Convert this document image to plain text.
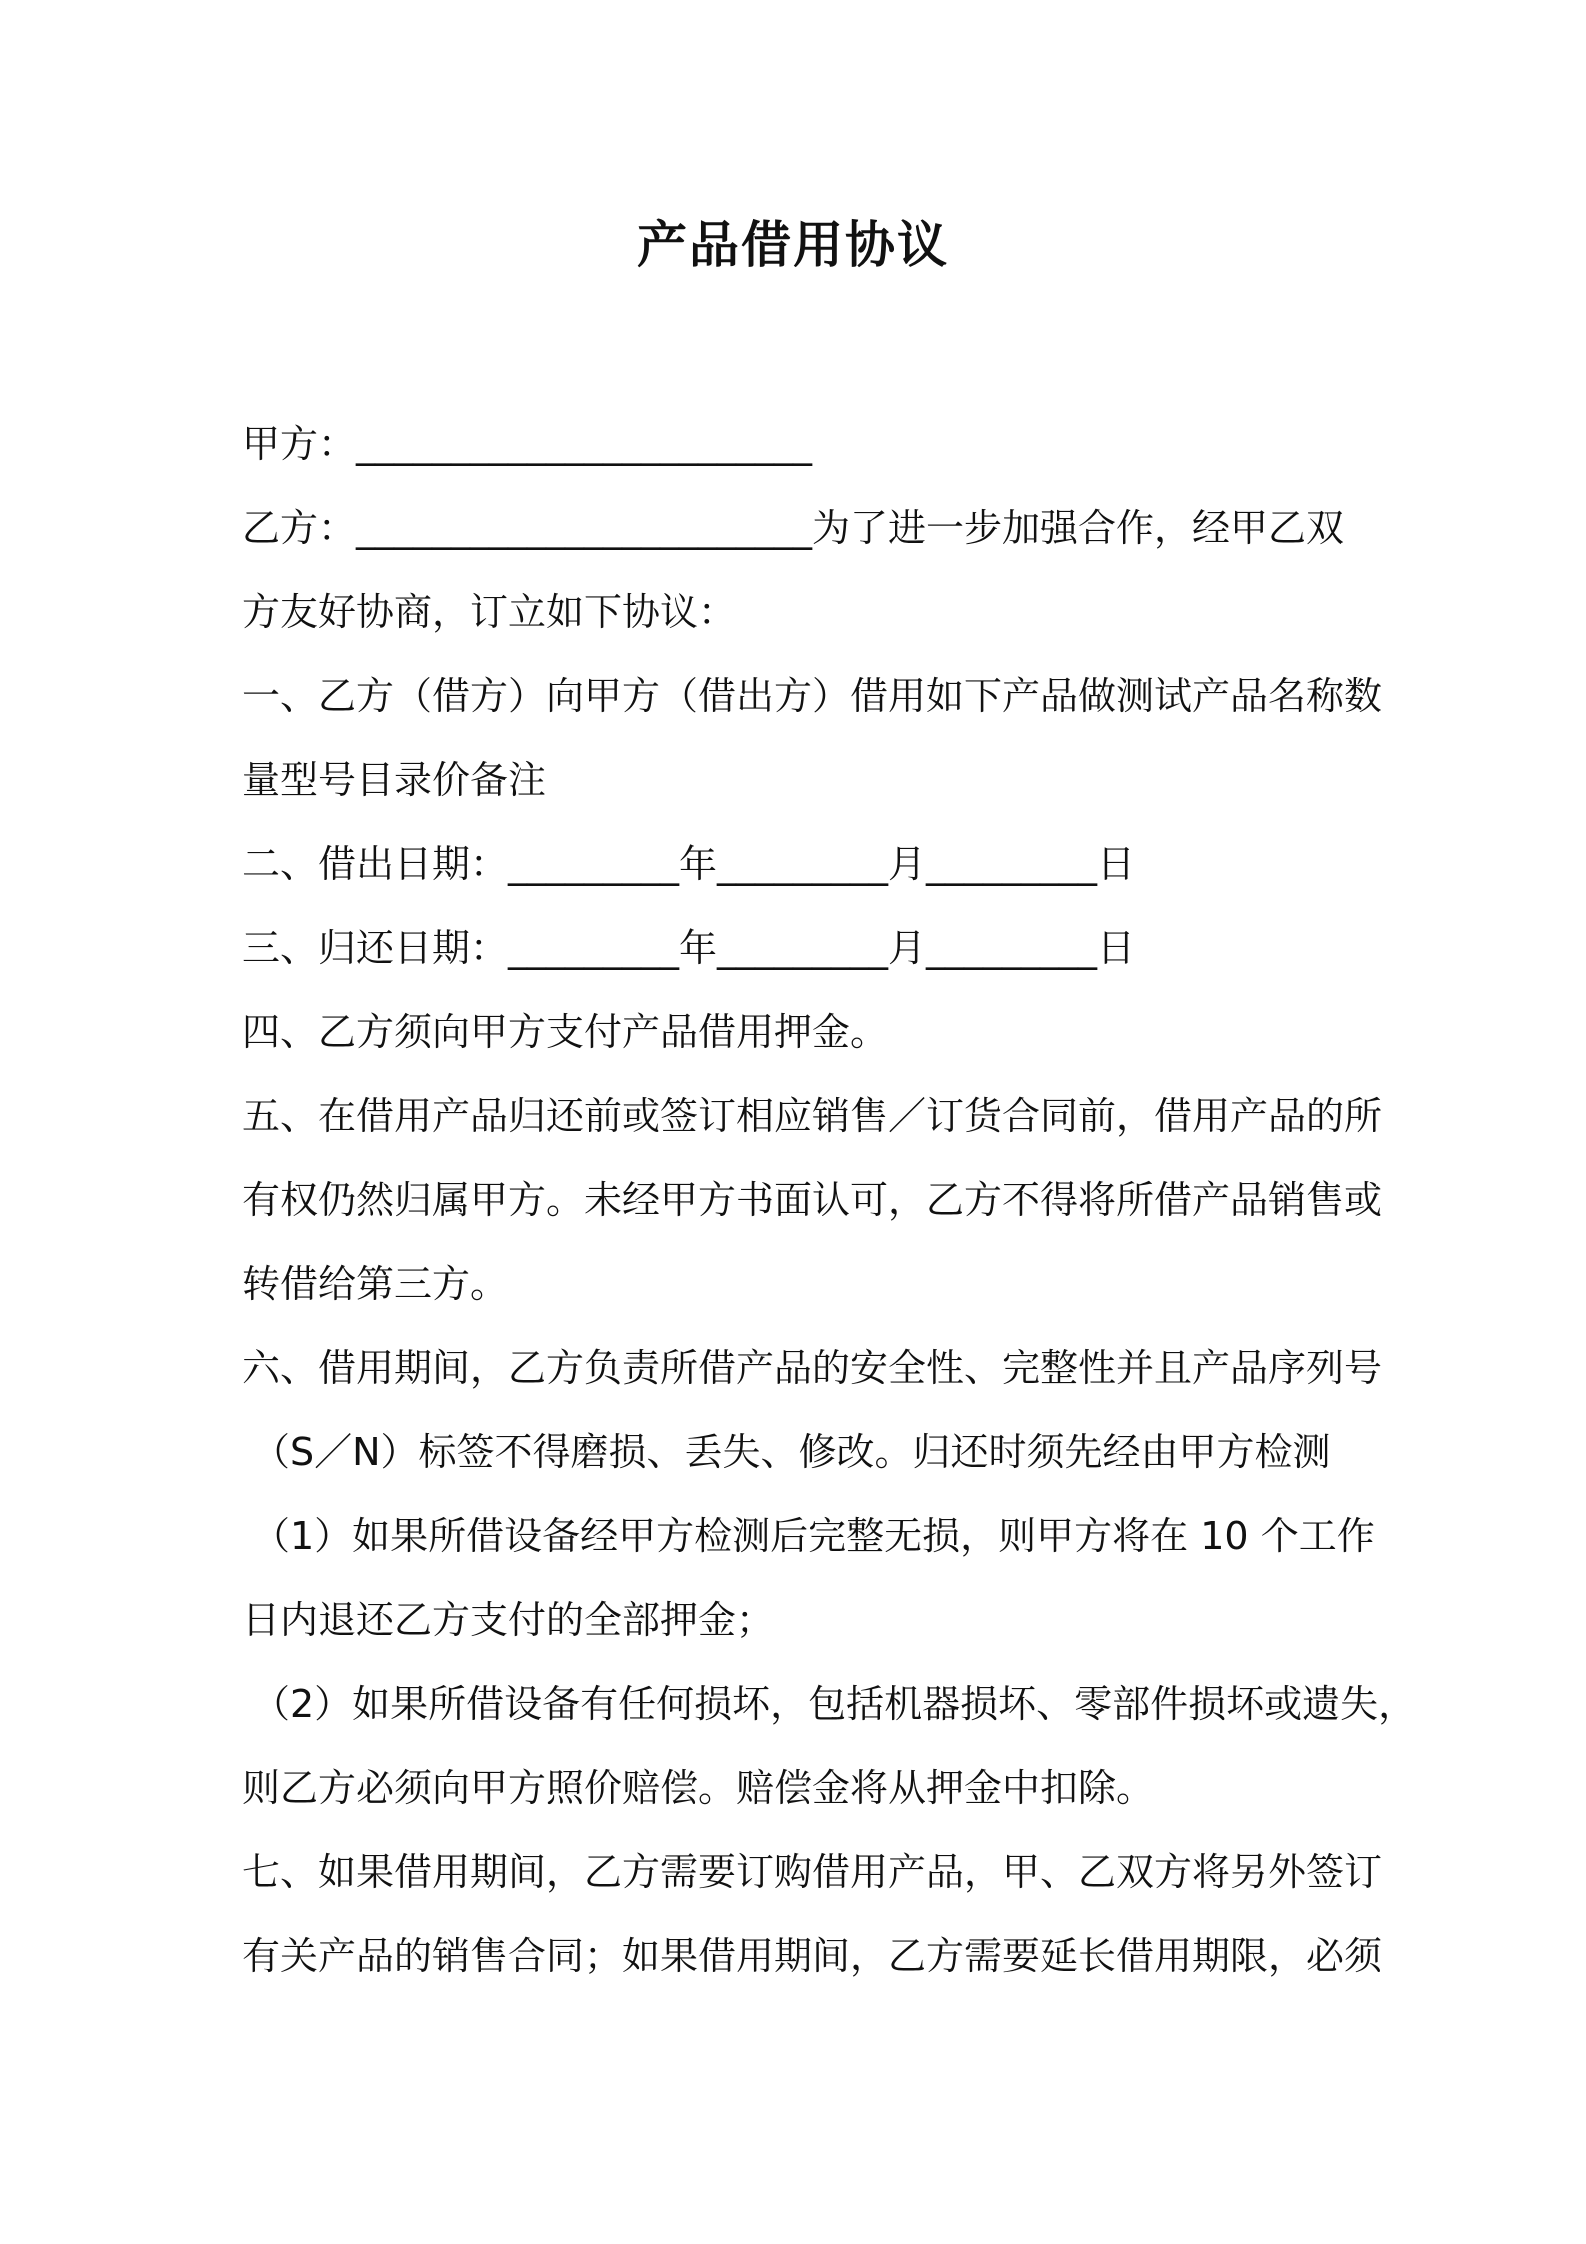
产品借用协议
甲方：________________________
乙方：________________________为了进一步加强合作，经甲乙双
方友好协商，订立如下协议：
一、乙方（借方）向甲方（借出方）借用如下产品做测试产品名称数
量型号目录价备注
二、借出日期：_________年_________月_________日
三、归还日期：_________年_________月_________日
四、乙方须向甲方支付产品借用押金。
五、在借用产品归还前或签订相应销售／订货合同前，借用产品的所
有权仍然归属甲方。未经甲方书面认可，乙方不得将所借产品销售或
转借给第三方。
六、借用期间，乙方负责所借产品的安全性、完整性并且产品序列号
（S／N）标签不得磨损、丢失、修改。归还时须先经由甲方检测
（1）如果所借设备经甲方检测后完整无损，则甲方将在 10 个工作
日内退还乙方支付的全部押金；
（2）如果所借设备有任何损坏，包括机器损坏、零部件损坏或遗失，
则乙方必须向甲方照价赔偿。赔偿金将从押金中扣除。
七、如果借用期间，乙方需要订购借用产品，甲、乙双方将另外签订
有关产品的销售合同；如果借用期间，乙方需要延长借用期限，必须
